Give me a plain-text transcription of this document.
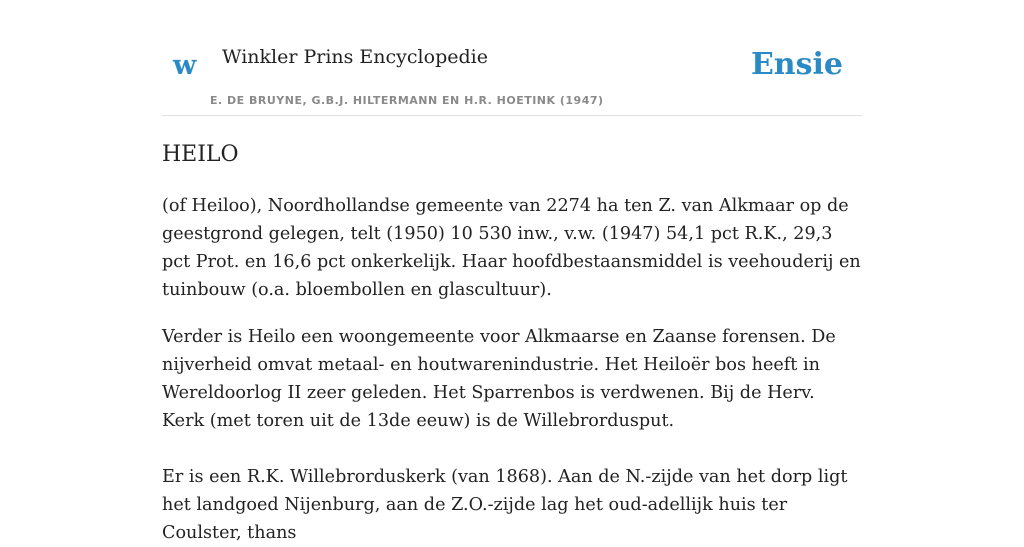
w Winkler Prins Encyclopedie
E. DE BRUYNE, G.B.J. HILTERMANN EN H.R. HOETINK (1947)
Ensie
HEILO

(of Heiloo), Noordhollandse gemeente van 2274 ha ten Z. van Alkmaar op de geestgrond gelegen, telt (1950) 10 530 inw., v.w. (1947) 54,1 pct R.K., 29,3 pct Prot. en 16,6 pct onkerkelijk. Haar hoofdbestaansmiddel is veehouderij en tuinbouw (o.a. bloembollen en glascultuur).

Verder is Heilo een woongemeente voor Alkmaarse en Zaanse forensen. De nijverheid omvat metaal- en houtwarenindustrie. Het Heiloër bos heeft in Wereldoorlog II zeer geleden. Het Sparrenbos is verdwenen. Bij de Herv. Kerk (met toren uit de 13de eeuw) is de Willebrordusput.

Er is een R.K. Willebrorduskerk (van 1868). Aan de N.-zijde van het dorp ligt het landgoed Nijenburg, aan de Z.O.-zijde lag het oud-adellijk huis ter Coulster, thans
